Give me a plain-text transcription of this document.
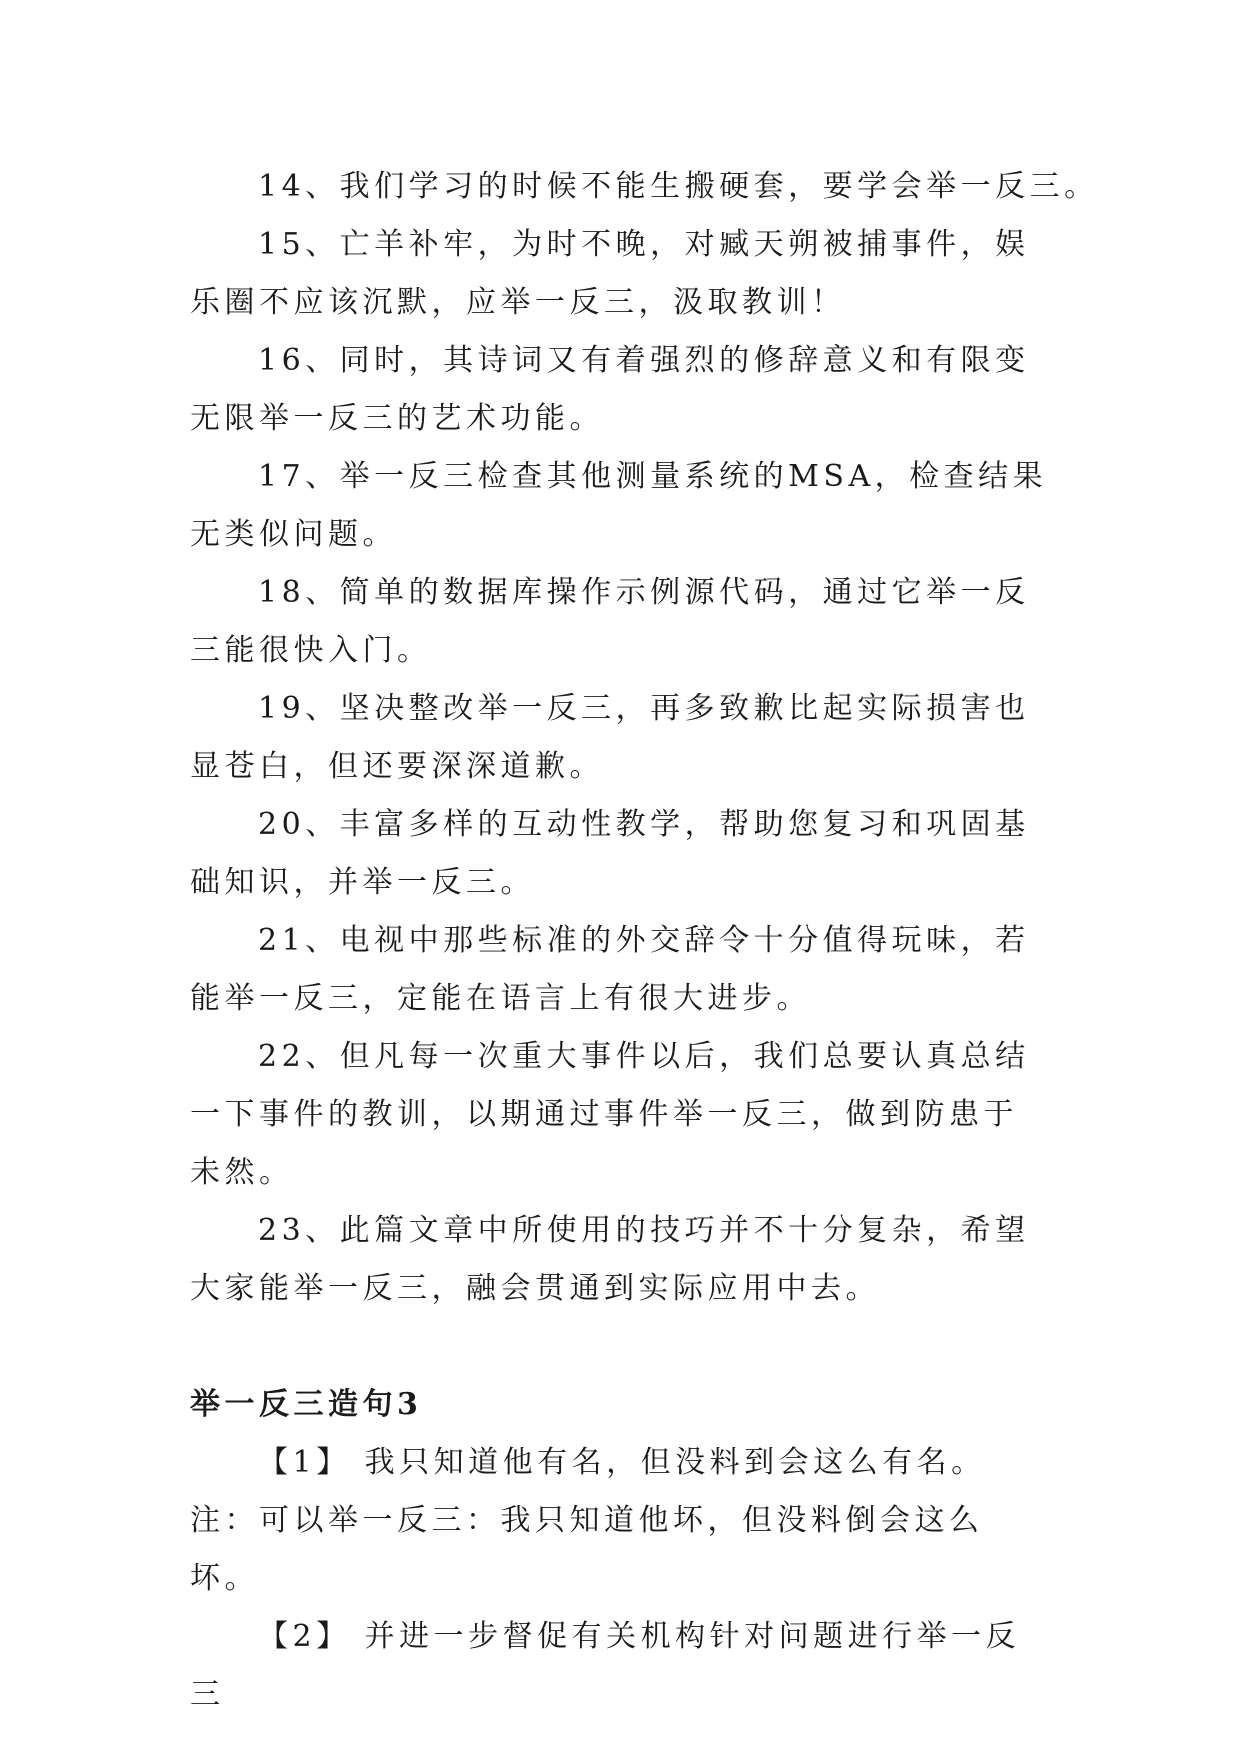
14、我们学习的时候不能生搬硬套，要学会举一反三。

15、亡羊补牢，为时不晚，对臧天朔被捕事件，娱乐圈不应该沉默，应举一反三，汲取教训！

16、同时，其诗词又有着强烈的修辞意义和有限变无限举一反三的艺术功能。

17、举一反三检查其他测量系统的MSA，检查结果无类似问题。

18、简单的数据库操作示例源代码，通过它举一反三能很快入门。

19、坚决整改举一反三，再多致歉比起实际损害也显苍白，但还要深深道歉。

20、丰富多样的互动性教学，帮助您复习和巩固基础知识，并举一反三。

21、电视中那些标准的外交辞令十分值得玩味，若能举一反三，定能在语言上有很大进步。

22、但凡每一次重大事件以后，我们总要认真总结一下事件的教训，以期通过事件举一反三，做到防患于未然。

23、此篇文章中所使用的技巧并不十分复杂，希望大家能举一反三，融会贯通到实际应用中去。

举一反三造句3

【1】 我只知道他有名，但没料到会这么有名。注：可以举一反三：我只知道他坏，但没料倒会这么坏。

【2】 并进一步督促有关机构针对问题进行举一反三
